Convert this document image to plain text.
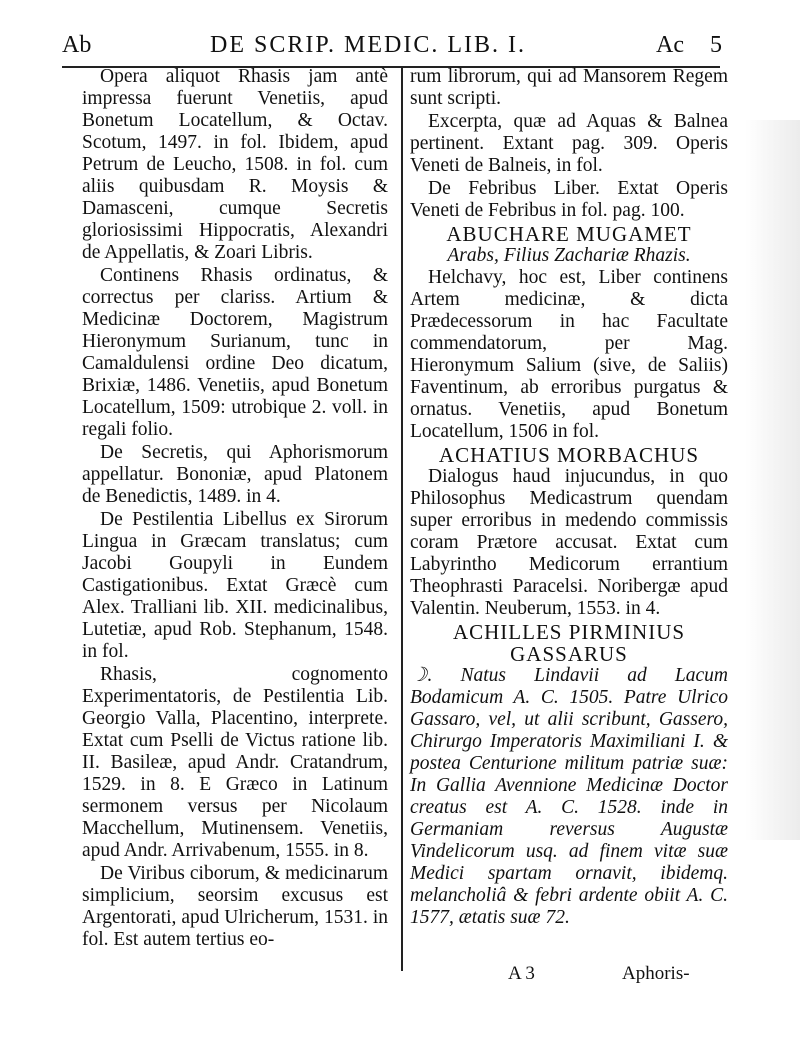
Ab	DE SCRIP. MEDIC. LIB. I.	Ac 5

Opera aliquot Rhasis jam antè impressa fuerunt Venetiis, apud Bonetum Locatellum, & Octav. Scotum, 1497. in fol. Ibidem, apud Petrum de Leucho, 1508. in fol. cum aliis quibusdam R. Moysis & Damasceni, cumque Secretis gloriosissimi Hippocratis, Alexandri de Appellatis, & Zoari Libris.

Continens Rhasis ordinatus, & correctus per clariss. Artium & Medicinæ Doctorem, Magistrum Hieronymum Surianum, tunc in Camaldulensi ordine Deo dicatum, Brixiæ, 1486. Venetiis, apud Bonetum Locatellum, 1509: utrobique 2. voll. in regali folio.

De Secretis, qui Aphorismorum appellatur. Bononiæ, apud Platonem de Benedictis, 1489. in 4.

De Pestilentia Libellus ex Sirorum Lingua in Græcam translatus; cum Jacobi Goupyli in Eundem Castigationibus. Extat Græcè cum Alex. Tralliani lib. XII. medicinalibus, Lutetiæ, apud Rob. Stephanum, 1548. in fol.

Rhasis, cognomento Experimentatoris, de Pestilentia Lib. Georgio Valla, Placentino, interprete. Extat cum Pselli de Victus ratione lib. II. Basileæ, apud Andr. Cratandrum, 1529. in 8. E Græco in Latinum sermonem versus per Nicolaum Macchellum, Mutinensem. Venetiis, apud Andr. Arrivabenum, 1555. in 8.

De Viribus ciborum, & medicinarum simplicium, seorsim excusus est Argentorati, apud Ulricherum, 1531. in fol. Est autem tertius eo-

rum librorum, qui ad Mansorem Regem sunt scripti.

Excerpta, quæ ad Aquas & Balnea pertinent. Extant pag. 309. Operis Veneti de Balneis, in fol.

De Febribus Liber. Extat Operis Veneti de Febribus in fol. pag. 100.

ABUCHARE MUGAMET

Arabs, Filius Zachariæ Rhazis.

Helchavy, hoc est, Liber continens Artem medicinæ, & dicta Prædecessorum in hac Facultate commendatorum, per Mag. Hieronymum Salium (sive, de Saliis) Faventinum, ab erroribus purgatus & ornatus. Venetiis, apud Bonetum Locatellum, 1506 in fol.

ACHATIUS MORBACHUS

Dialogus haud injucundus, in quo Philosophus Medicastrum quendam super erroribus in medendo commissis coram Prætore accusat. Extat cum Labyrintho Medicorum errantium Theophrasti Paracelsi. Noribergæ apud Valentin. Neuberum, 1553. in 4.

ACHILLES PIRMINIUS

GASSARUS

☽. Natus Lindavii ad Lacum Bodamicum A. C. 1505. Patre Ulrico Gassaro, vel, ut alii scribunt, Gassero, Chirurgo Imperatoris Maximiliani I. & postea Centurione militum patriæ suæ: In Gallia Avennione Medicinæ Doctor creatus est A. C. 1528. inde in Germaniam reversus Augustæ Vindelicorum usq. ad finem vitæ suæ Medici spartam ornavit, ibidemq. melancholiâ & febri ardente obiit A. C. 1577, ætatis suæ 72.

A 3	Aphoris-
